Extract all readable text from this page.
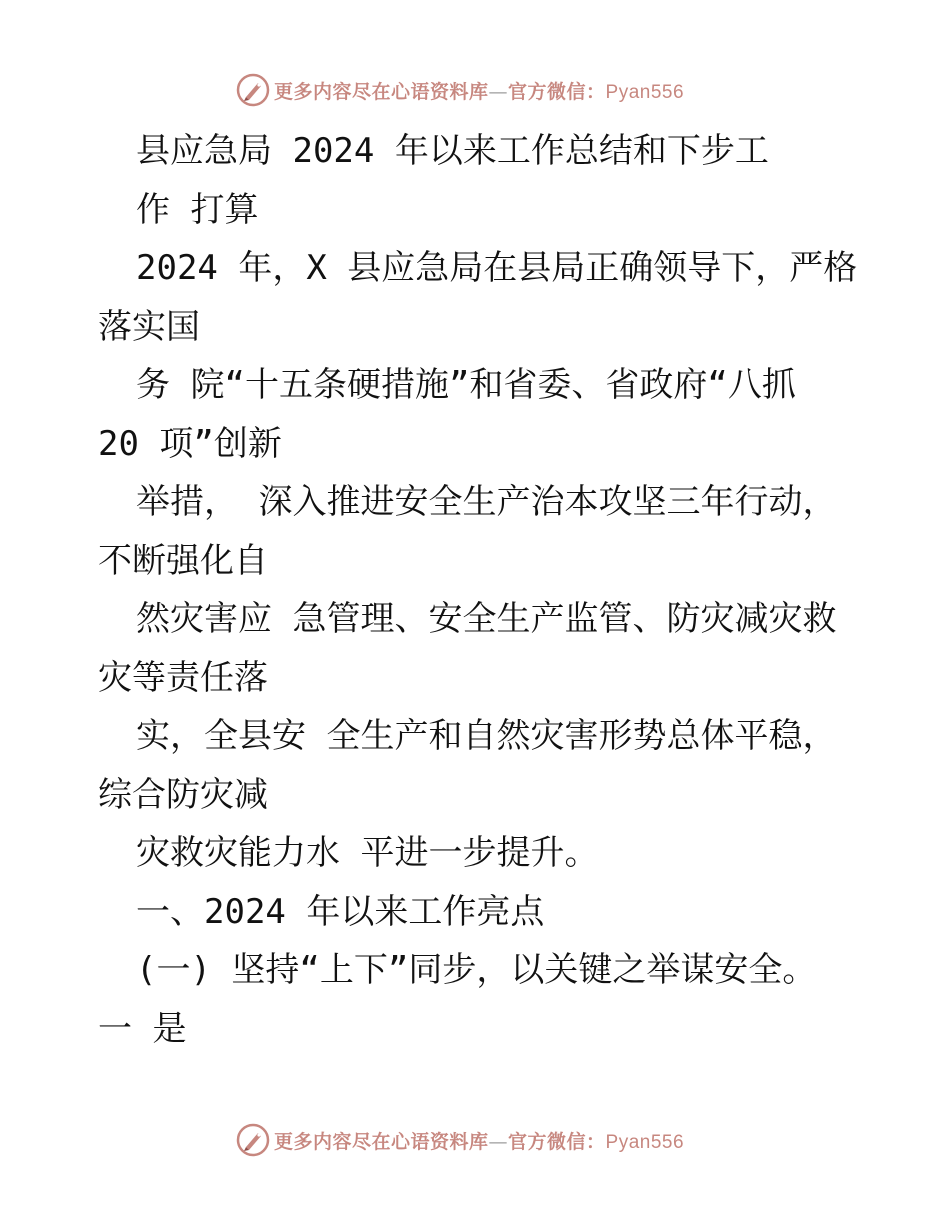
更多内容尽在心语资料库—官方微信：Pyan556
县应急局 2024 年以来工作总结和下步工
作 打算
2024 年，X 县应急局在县局正确领导下，严格
落实国
务 院“十五条硬措施”和省委、省政府“八抓
20 项”创新
举措， 深入推进安全生产治本攻坚三年行动，
不断强化自
然灾害应 急管理、安全生产监管、防灾减灾救
灾等责任落
实，全县安 全生产和自然灾害形势总体平稳，
综合防灾减
灾救灾能力水 平进一步提升。
一、2024 年以来工作亮点
(一) 坚持“上下”同步，以关键之举谋安全。
一 是
更多内容尽在心语资料库—官方微信：Pyan556
